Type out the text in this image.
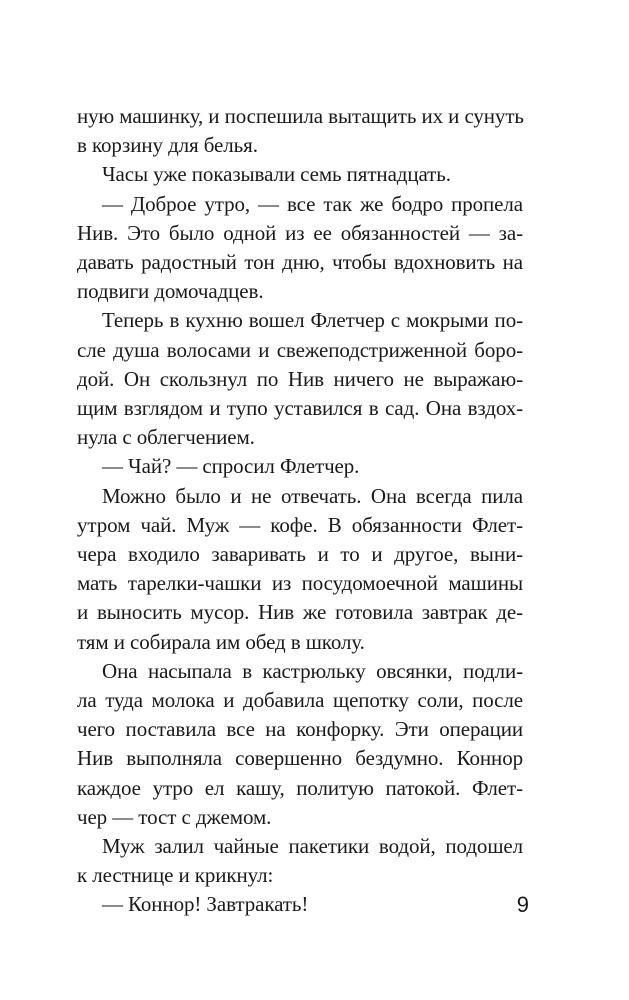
ную машинку, и поспешила вытащить их и сунуть
в корзину для белья.

Часы уже показывали семь пятнадцать.

— Доброе утро, — все так же бодро пропела
Нив. Это было одной из ее обязанностей — за-
давать радостный тон дню, чтобы вдохновить на
подвиги домочадцев.

Теперь в кухню вошел Флетчер с мокрыми по-
сле душа волосами и свежеподстриженной боро-
дой. Он скользнул по Нив ничего не выражаю-
щим взглядом и тупо уставился в сад. Она вздох-
нула с облегчением.

— Чай? — спросил Флетчер.

Можно было и не отвечать. Она всегда пила
утром чай. Муж — кофе. В обязанности Флет-
чера входило заваривать и то и другое, выни-
мать тарелки-чашки из посудомоечной машины
и выносить мусор. Нив же готовила завтрак де-
тям и собирала им обед в школу.

Она насыпала в кастрюльку овсянки, подли-
ла туда молока и добавила щепотку соли, после
чего поставила все на конфорку. Эти операции
Нив выполняла совершенно бездумно. Коннор
каждое утро ел кашу, политую патокой. Флет-
чер — тост с джемом.

Муж залил чайные пакетики водой, подошел
к лестнице и крикнул:

— Коннор! Завтракать!	9
